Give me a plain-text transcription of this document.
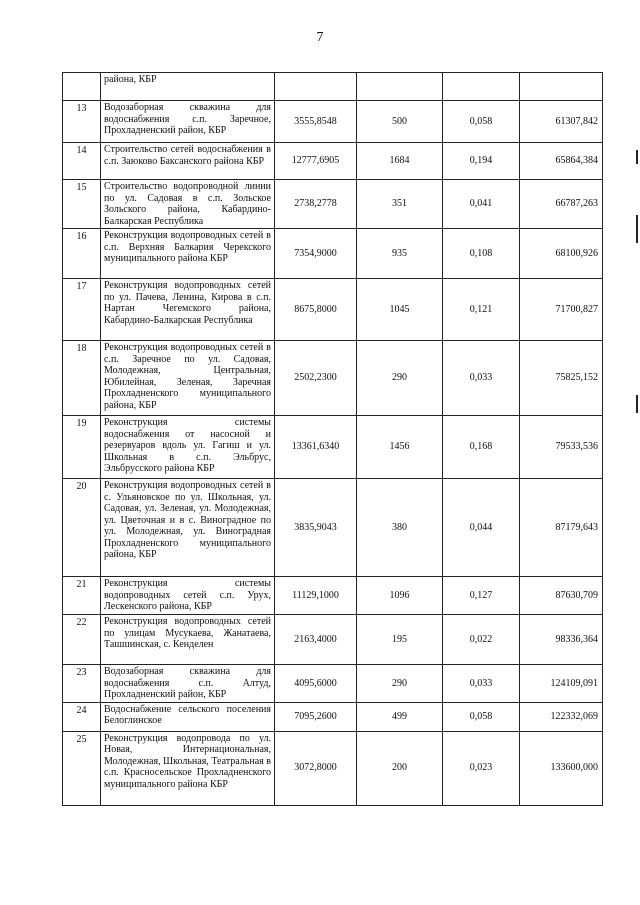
7
	района, КБР				
13	Водозаборная скважина для водоснабжения с.п. Заречное, Прохладненский район, КБР	3555,8548	500	0,058	61307,842
14	Строительство сетей водоснабжения в с.п. Заюково Баксанского района КБР	12777,6905	1684	0,194	65864,384
15	Строительство водопроводной линии по ул. Садовая в с.п. Зольское Зольского района, Кабардино-Балкарская Республика	2738,2778	351	0,041	66787,263
16	Реконструкция водопроводных сетей в с.п. Верхняя Балкария Черекского муниципального района КБР	7354,9000	935	0,108	68100,926
17	Реконструкция водопроводных сетей по ул. Пачева, Ленина, Кирова в с.п. Нартан Чегемского района, Кабардино-Балкарская Республика	8675,8000	1045	0,121	71700,827
18	Реконструкция водопроводных сетей в с.п. Заречное по ул. Садовая, Молодежная, Центральная, Юбилейная, Зеленая, Заречная Прохладненского муниципального района, КБР	2502,2300	290	0,033	75825,152
19	Реконструкция системы водоснабжения от насосной и резервуаров вдоль ул. Гагиш и ул. Школьная в с.п. Эльбрус, Эльбрусского района КБР	13361,6340	1456	0,168	79533,536
20	Реконструкция водопроводных сетей в с. Ульяновское по ул. Школьная, ул. Садовая, ул. Зеленая, ул. Молодежная, ул. Цветочная и в с. Виноградное по ул. Молодежная, ул. Виноградная Прохладненского муниципального района, КБР	3835,9043	380	0,044	87179,643
21	Реконструкция системы водопроводных сетей с.п. Урух, Лескенского района, КБР	11129,1000	1096	0,127	87630,709
22	Реконструкция водопроводных сетей по улицам Мусукаева, Жанатаева, Ташшинская, с. Кенделен	2163,4000	195	0,022	98336,364
23	Водозаборная скважина для водоснабжения с.п. Алтуд, Прохладненский район, КБР	4095,6000	290	0,033	124109,091
24	Водоснабжение сельского поселения Белоглинское	7095,2600	499	0,058	122332,069
25	Реконструкция водопровода по ул. Новая, Интернациональная, Молодежная, Школьная, Театральная в с.п. Красносельское Прохладненского муниципального района КБР	3072,8000	200	0,023	133600,000
